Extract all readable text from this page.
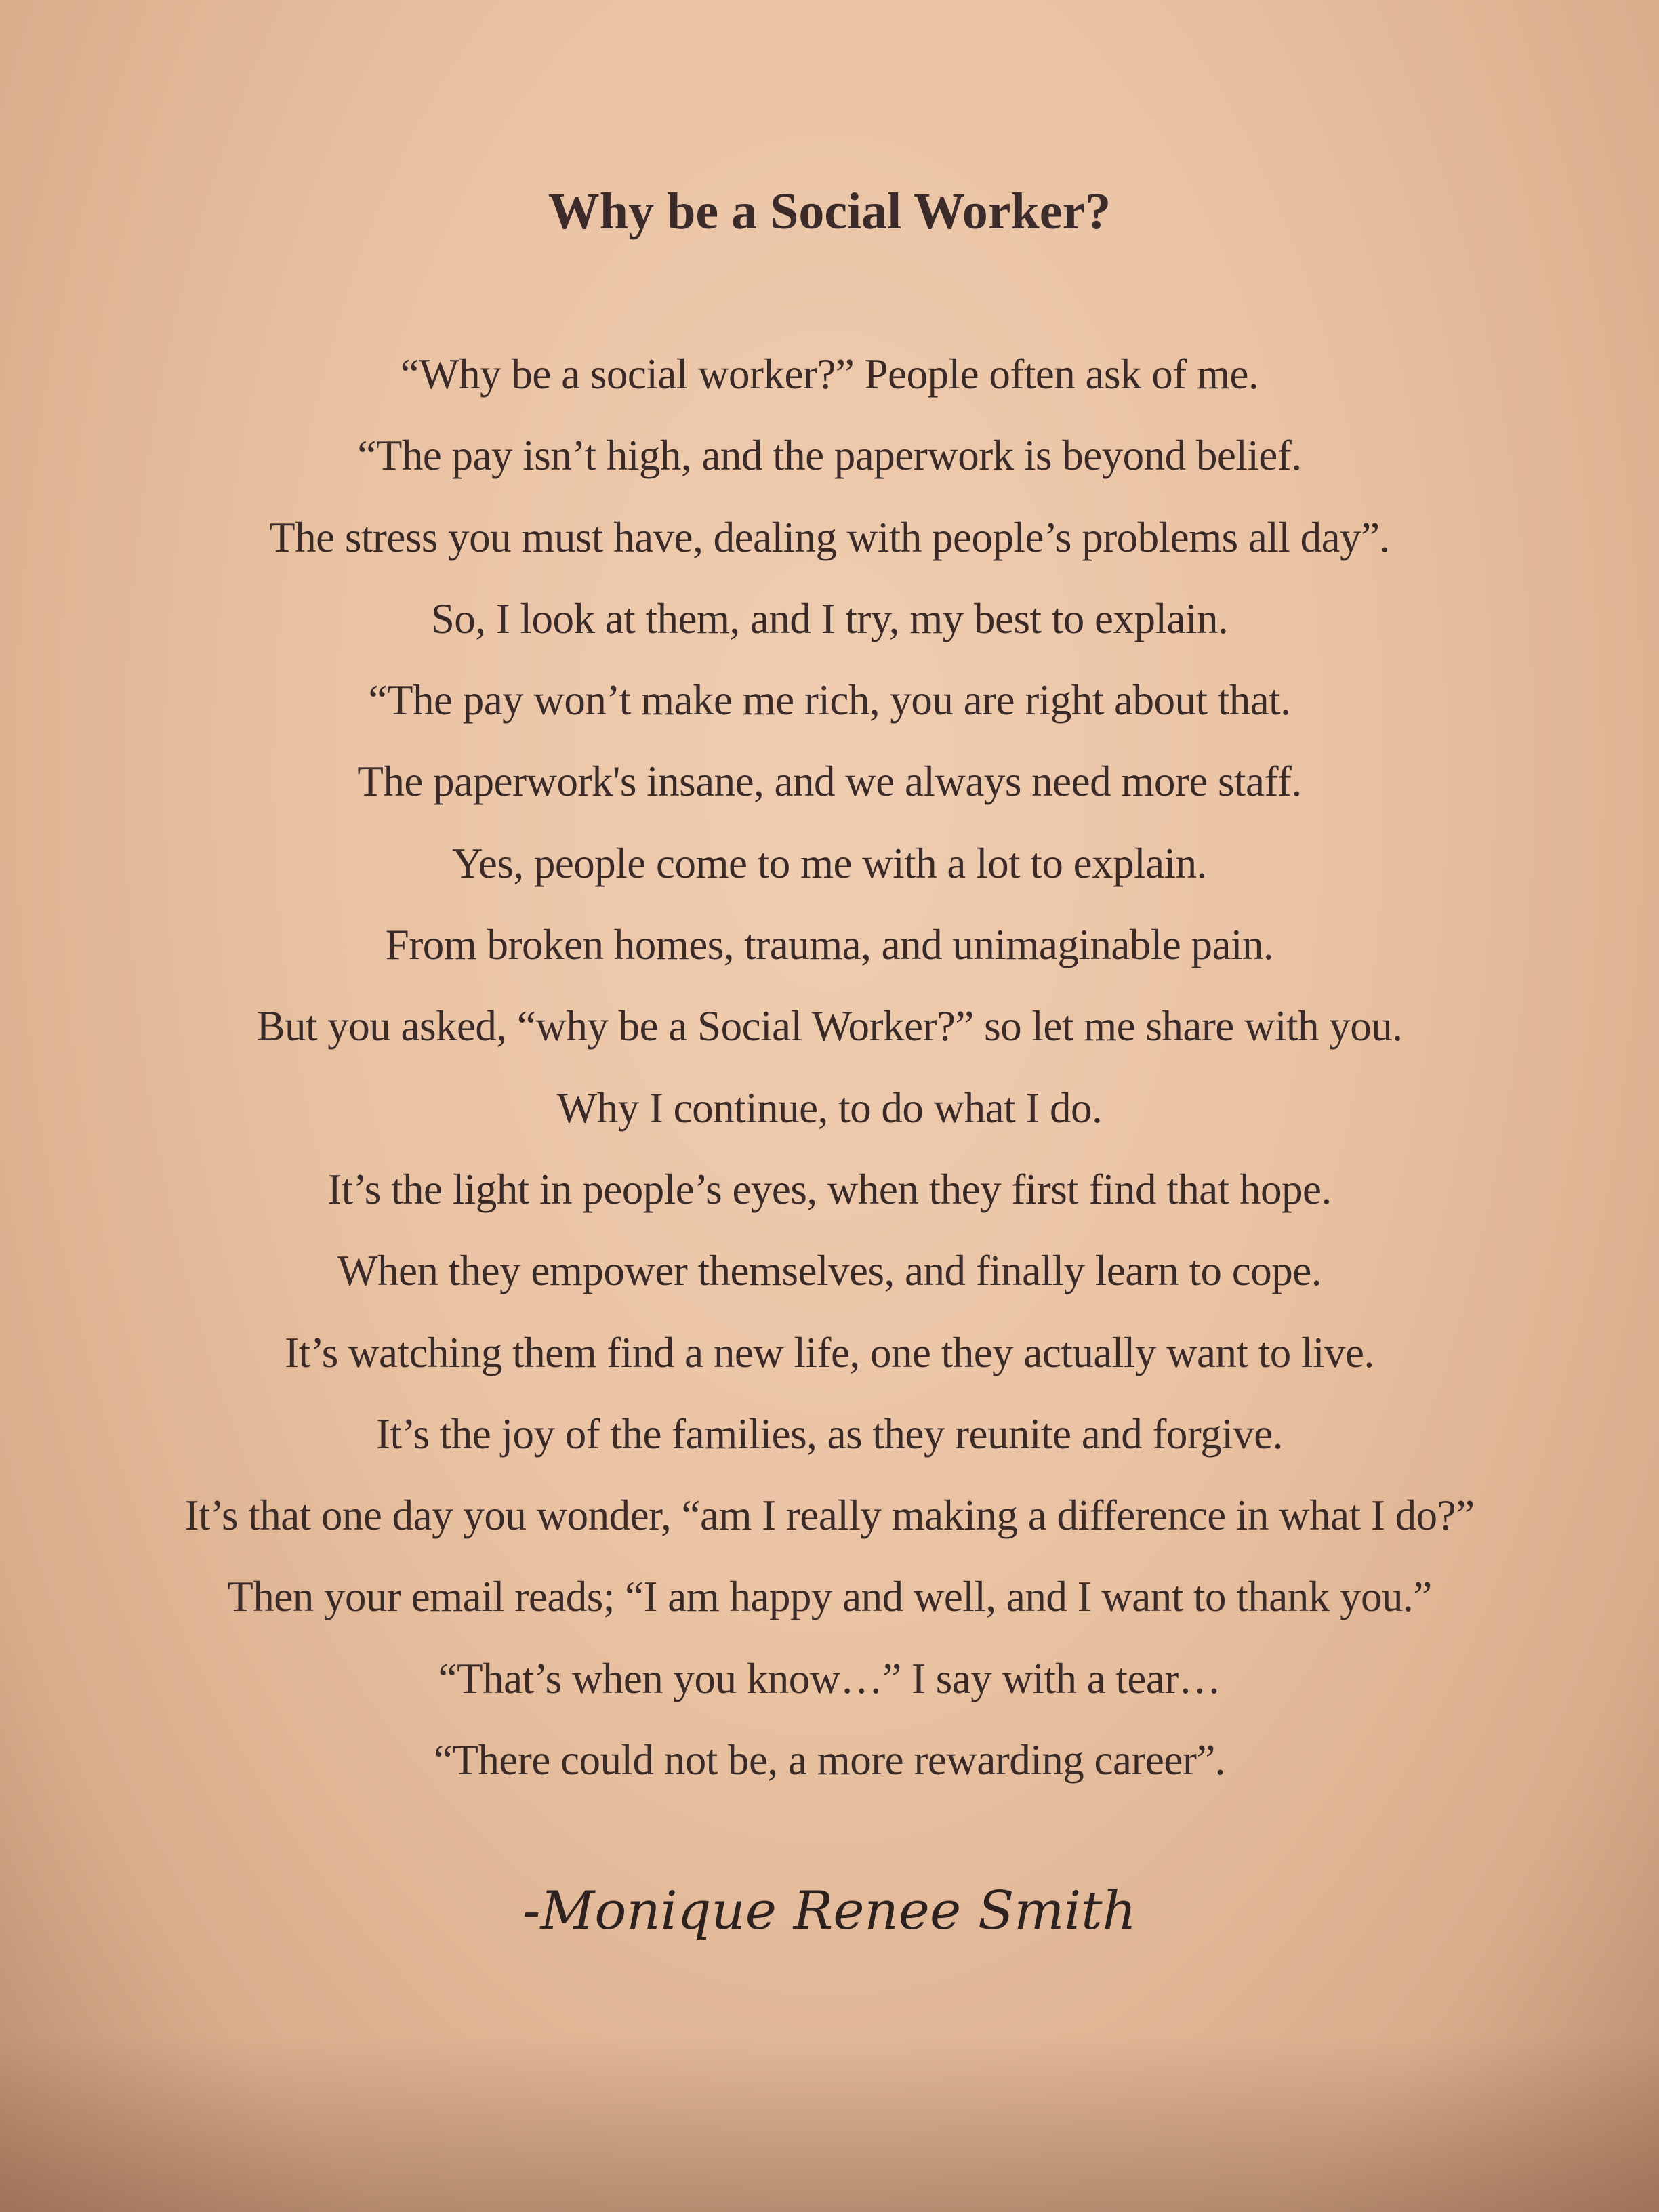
Why be a Social Worker?
“Why be a social worker?” People often ask of me.
“The pay isn’t high, and the paperwork is beyond belief.
The stress you must have, dealing with people’s problems all day”.
So, I look at them, and I try, my best to explain.
“The pay won’t make me rich, you are right about that.
The paperwork's insane, and we always need more staff.
Yes, people come to me with a lot to explain.
From broken homes, trauma, and unimaginable pain.
But you asked, “why be a Social Worker?” so let me share with you.
Why I continue, to do what I do.
It’s the light in people’s eyes, when they first find that hope.
When they empower themselves, and finally learn to cope.
It’s watching them find a new life, one they actually want to live.
It’s the joy of the families, as they reunite and forgive.
It’s that one day you wonder, “am I really making a difference in what I do?”
Then your email reads; “I am happy and well, and I want to thank you.”
“That’s when you know…” I say with a tear…
“There could not be, a more rewarding career”.
-Monique Renee Smith
